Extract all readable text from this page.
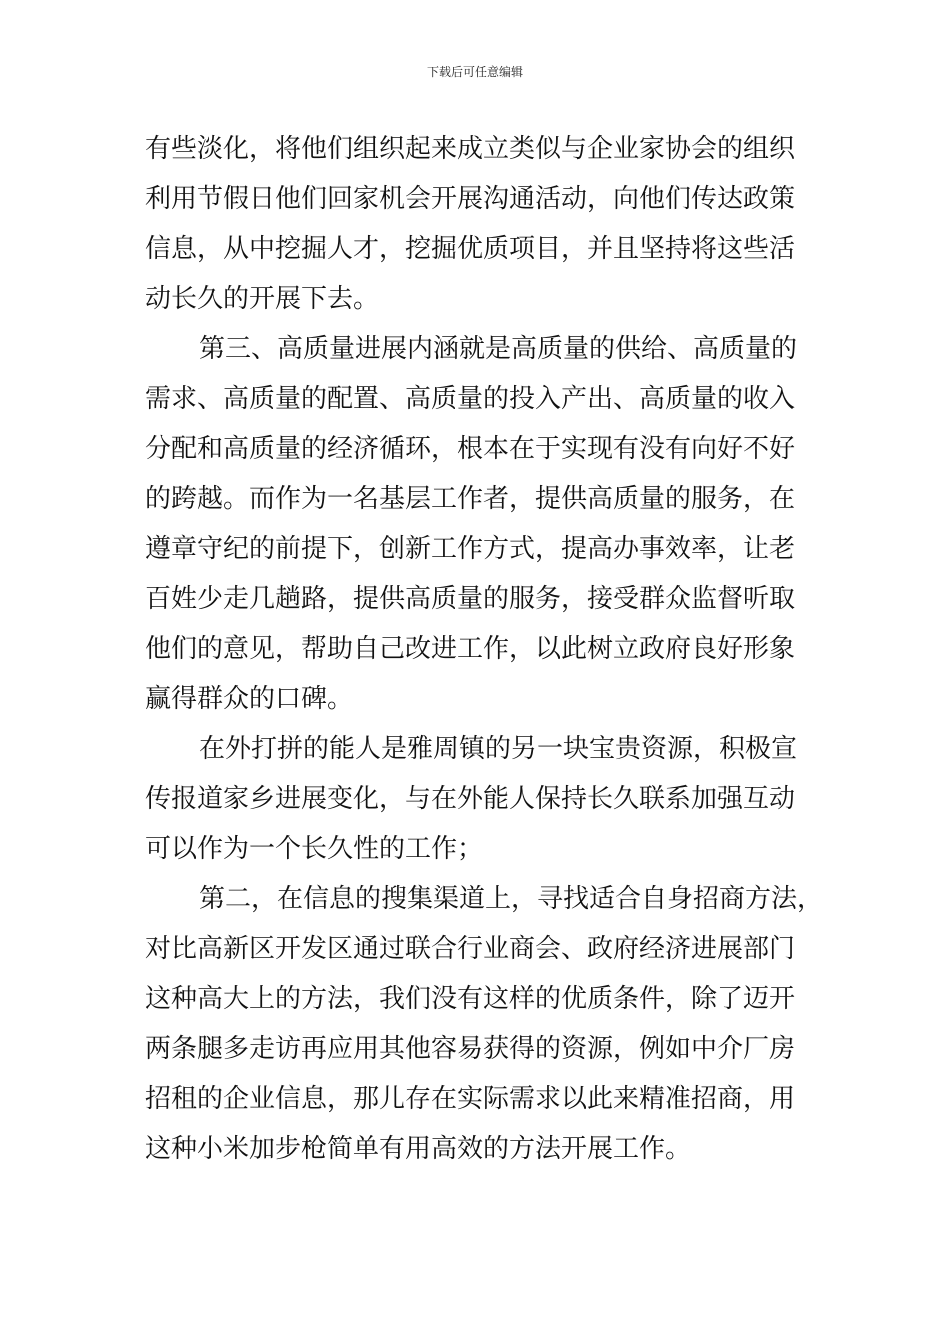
下载后可任意编辑
有些淡化，将他们组织起来成立类似与企业家协会的组织
利用节假日他们回家机会开展沟通活动，向他们传达政策
信息，从中挖掘人才，挖掘优质项目，并且坚持将这些活
动长久的开展下去。
第三、高质量进展内涵就是高质量的供给、高质量的
需求、高质量的配置、高质量的投入产出、高质量的收入
分配和高质量的经济循环，根本在于实现有没有向好不好
的跨越。而作为一名基层工作者，提供高质量的服务，在
遵章守纪的前提下，创新工作方式，提高办事效率，让老
百姓少走几趟路，提供高质量的服务，接受群众监督听取
他们的意见，帮助自己改进工作，以此树立政府良好形象
赢得群众的口碑。
在外打拼的能人是雅周镇的另一块宝贵资源，积极宣
传报道家乡进展变化，与在外能人保持长久联系加强互动
可以作为一个长久性的工作；
第二，在信息的搜集渠道上，寻找适合自身招商方法，
对比高新区开发区通过联合行业商会、政府经济进展部门
这种高大上的方法，我们没有这样的优质条件，除了迈开
两条腿多走访再应用其他容易获得的资源，例如中介厂房
招租的企业信息，那儿存在实际需求以此来精准招商，用
这种小米加步枪简单有用高效的方法开展工作。
